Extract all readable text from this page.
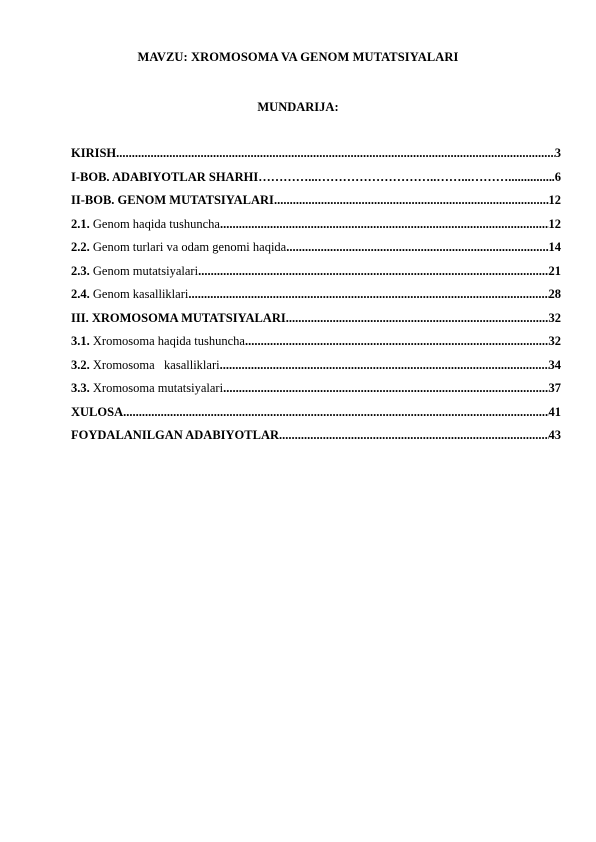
MAVZU: XROMOSOMA VA GENOM MUTATSIYALARI
MUNDARIJA:
KIRISH .....	3
I-BOB. ADABIYOTLAR SHARHI …………...………………………..……...……….......................................................................................................	.6
II-BOB. GENOM MUTATSIYALARI .....	12
2.1. Genom haqida tushuncha .....	12
2.2. Genom turlari va odam genomi haqida .....	14
2.3. Genom mutatsiyalari .....	21
2.4. Genom kasalliklari .....	28
III. XROMOSOMA MUTATSIYALARI .....	32
3.1. Xromosoma haqida tushuncha .....	32
3.2. Xromosoma   kasalliklari .....	34
3.3. Xromosoma mutatsiyalari .....	37
XULOSA .....	41
FOYDALANILGAN ADABIYOTLAR .....	43
